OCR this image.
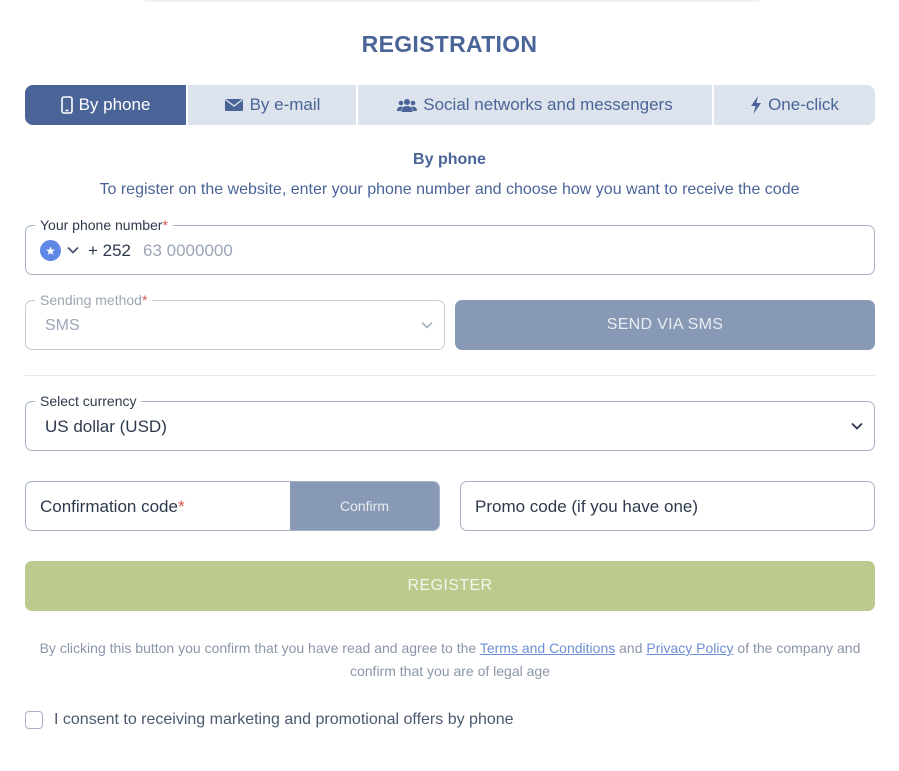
REGISTRATION
By phone	By e-mail	Social networks and messengers	One-click
By phone
To register on the website, enter your phone number and choose how you want to receive the code
Your phone number*
★	+ 252
63 0000000
Sending method*
SMS	SEND VIA SMS
Select currency
US dollar (USD)
Confirmation code*	Confirm	Promo code (if you have one)
REGISTER
By clicking this button you confirm that you have read and agree to the Terms and Conditions and Privacy Policy of the company and confirm that you are of legal age
I consent to receiving marketing and promotional offers by phone
